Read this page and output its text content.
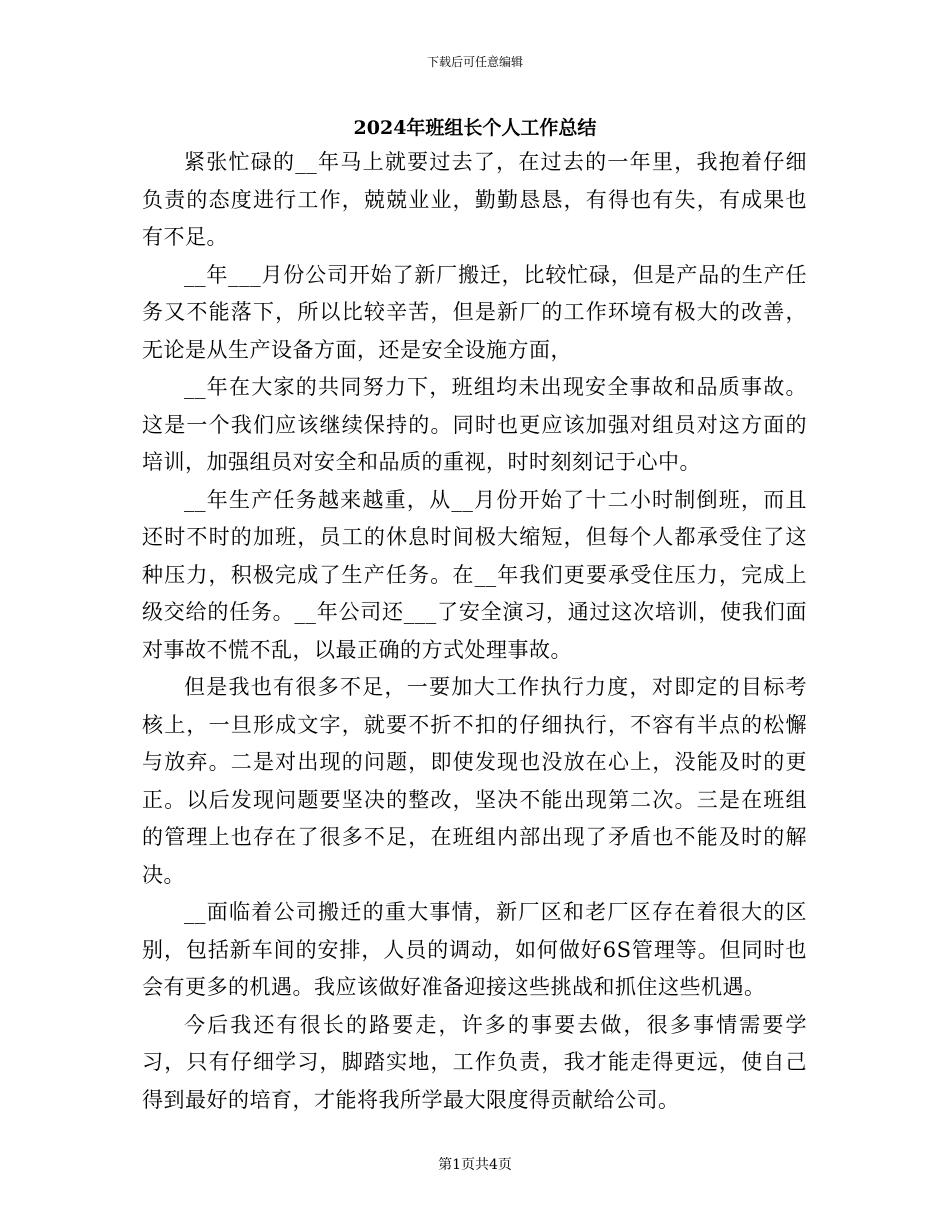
下载后可任意编辑
2024年班组长个人工作总结

紧张忙碌的__年马上就要过去了，在过去的一年里，我抱着仔细负责的态度进行工作，兢兢业业，勤勤恳恳，有得也有失，有成果也有不足。

__年___月份公司开始了新厂搬迁，比较忙碌，但是产品的生产任务又不能落下，所以比较辛苦，但是新厂的工作环境有极大的改善，无论是从生产设备方面，还是安全设施方面，

__年在大家的共同努力下，班组均未出现安全事故和品质事故。这是一个我们应该继续保持的。同时也更应该加强对组员对这方面的培训，加强组员对安全和品质的重视，时时刻刻记于心中。

__年生产任务越来越重，从__月份开始了十二小时制倒班，而且还时不时的加班，员工的休息时间极大缩短，但每个人都承受住了这种压力，积极完成了生产任务。在__年我们更要承受住压力，完成上级交给的任务。__年公司还___了安全演习，通过这次培训，使我们面对事故不慌不乱，以最正确的方式处理事故。

但是我也有很多不足，一要加大工作执行力度，对即定的目标考核上，一旦形成文字，就要不折不扣的仔细执行，不容有半点的松懈与放弃。二是对出现的问题，即使发现也没放在心上，没能及时的更正。以后发现问题要坚决的整改，坚决不能出现第二次。三是在班组的管理上也存在了很多不足，在班组内部出现了矛盾也不能及时的解决。

__面临着公司搬迁的重大事情，新厂区和老厂区存在着很大的区别，包括新车间的安排，人员的调动，如何做好6S管理等。但同时也会有更多的机遇。我应该做好准备迎接这些挑战和抓住这些机遇。

今后我还有很长的路要走，许多的事要去做，很多事情需要学习，只有仔细学习，脚踏实地，工作负责，我才能走得更远，使自己得到最好的培育，才能将我所学最大限度得贡献给公司。

第1页共4页
